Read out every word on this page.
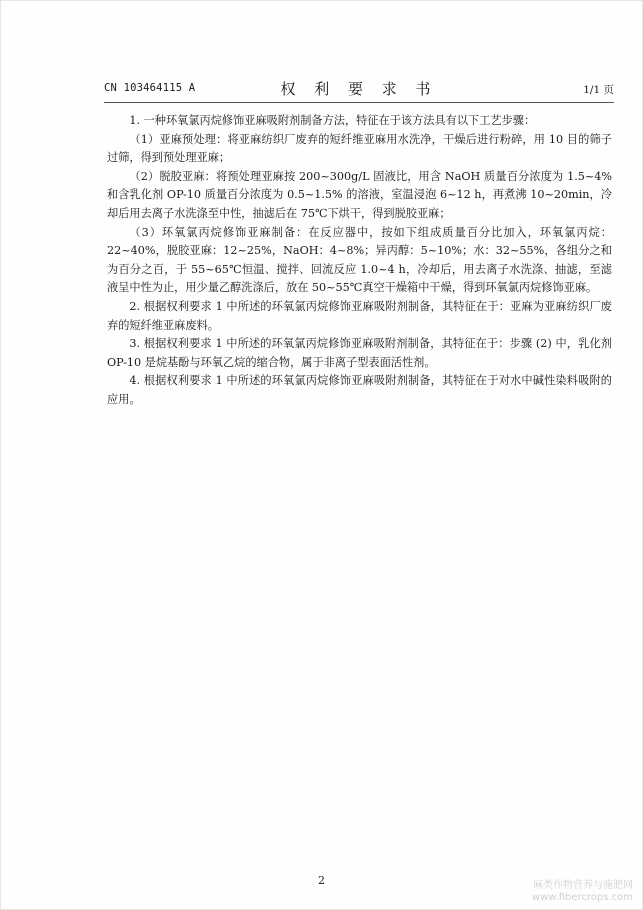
CN 103464115 A	权 利 要 求 书	1/1 页

1. 一种环氧氯丙烷修饰亚麻吸附剂制备方法，特征在于该方法具有以下工艺步骤：

（1）亚麻预处理：将亚麻纺织厂废弃的短纤维亚麻用水洗净，干燥后进行粉碎，用 10 目的筛子过筛，得到预处理亚麻；

（2）脱胶亚麻：将预处理亚麻按 200~300g/L 固液比，用含 NaOH 质量百分浓度为 1.5~4% 和含乳化剂 OP-10 质量百分浓度为 0.5~1.5% 的溶液，室温浸泡 6~12 h，再煮沸 10~20min，冷却后用去离子水洗涤至中性，抽滤后在 75℃下烘干，得到脱胶亚麻；

（3）环氧氯丙烷修饰亚麻制备：在反应器中，按如下组成质量百分比加入，环氧氯丙烷：22~40%，脱胶亚麻：12~25%，NaOH：4~8%；异丙醇：5~10%；水：32~55%，各组分之和为百分之百，于 55~65℃恒温、搅拌、回流反应 1.0~4 h，冷却后，用去离子水洗涤、抽滤，至滤液呈中性为止，用少量乙醇洗涤后，放在 50~55℃真空干燥箱中干燥，得到环氧氯丙烷修饰亚麻。

2. 根据权利要求 1 中所述的环氧氯丙烷修饰亚麻吸附剂制备，其特征在于：亚麻为亚麻纺织厂废弃的短纤维亚麻废料。

3. 根据权利要求 1 中所述的环氧氯丙烷修饰亚麻吸附剂制备，其特征在于：步骤 (2) 中，乳化剂 OP-10 是烷基酚与环氧乙烷的缩合物，属于非离子型表面活性剂。

4. 根据权利要求 1 中所述的环氧氯丙烷修饰亚麻吸附剂制备，其特征在于对水中碱性染料吸附的应用。

2	麻类作物营养与施肥网
www.fibercrops.com
